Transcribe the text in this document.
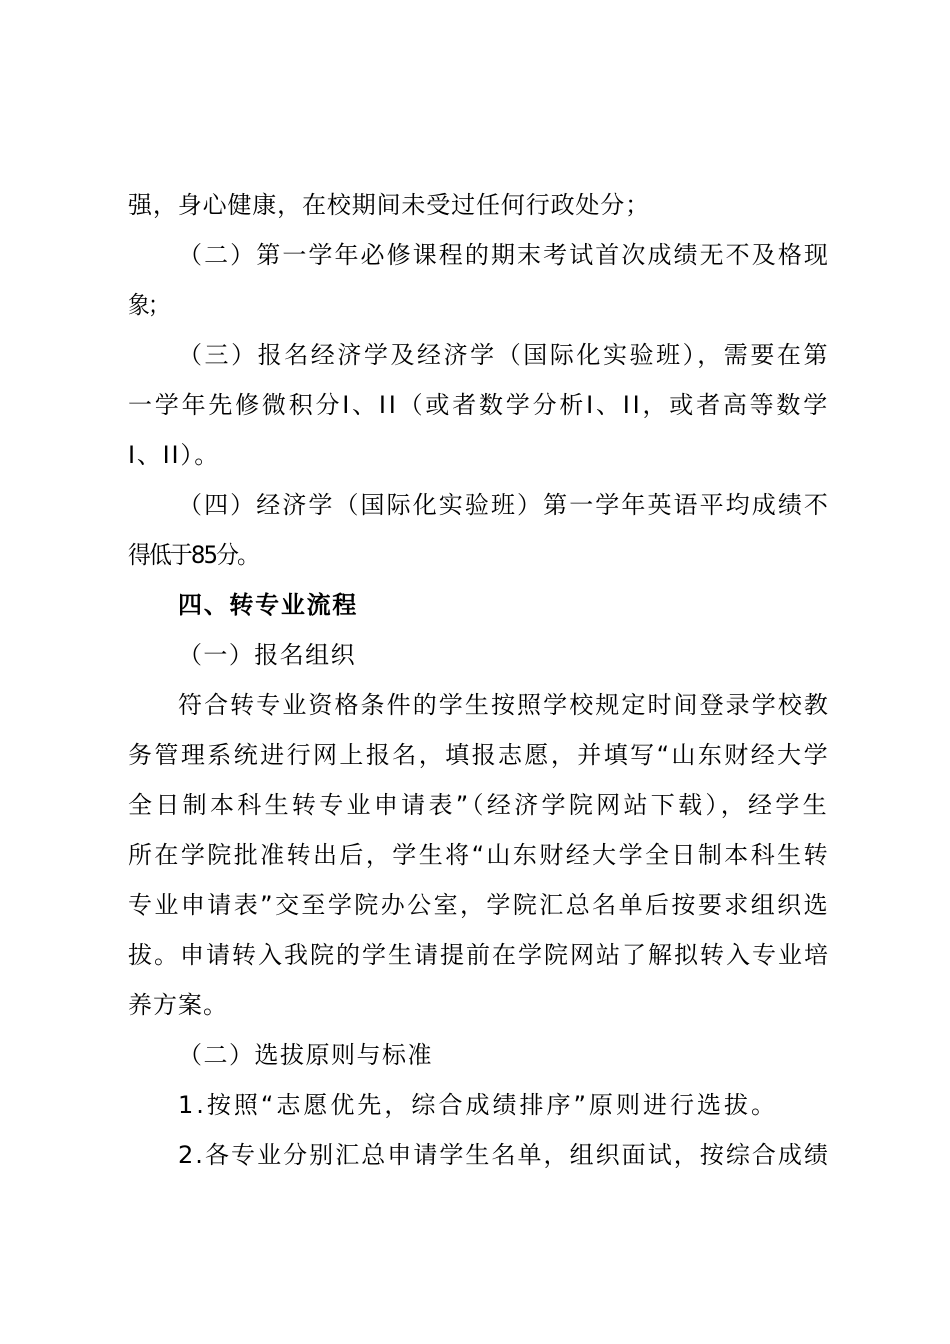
强，身心健康，在校期间未受过任何行政处分；

（二）第一学年必修课程的期末考试首次成绩无不及格现

象；

（三）报名经济学及经济学（国际化实验班），需要在第

一学年先修微积分I、II（或者数学分析I、II，或者高等数学

I、II）。

（四）经济学（国际化实验班）第一学年英语平均成绩不

得低于85分。

四、转专业流程

（一）报名组织

符合转专业资格条件的学生按照学校规定时间登录学校教

务管理系统进行网上报名，填报志愿，并填写“山东财经大学

全日制本科生转专业申请表”（经济学院网站下载），经学生

所在学院批准转出后，学生将“山东财经大学全日制本科生转

专业申请表”交至学院办公室，学院汇总名单后按要求组织选

拔。申请转入我院的学生请提前在学院网站了解拟转入专业培

养方案。

（二）选拔原则与标准

1.按照“志愿优先，综合成绩排序”原则进行选拔。

2.各专业分别汇总申请学生名单，组织面试，按综合成绩
